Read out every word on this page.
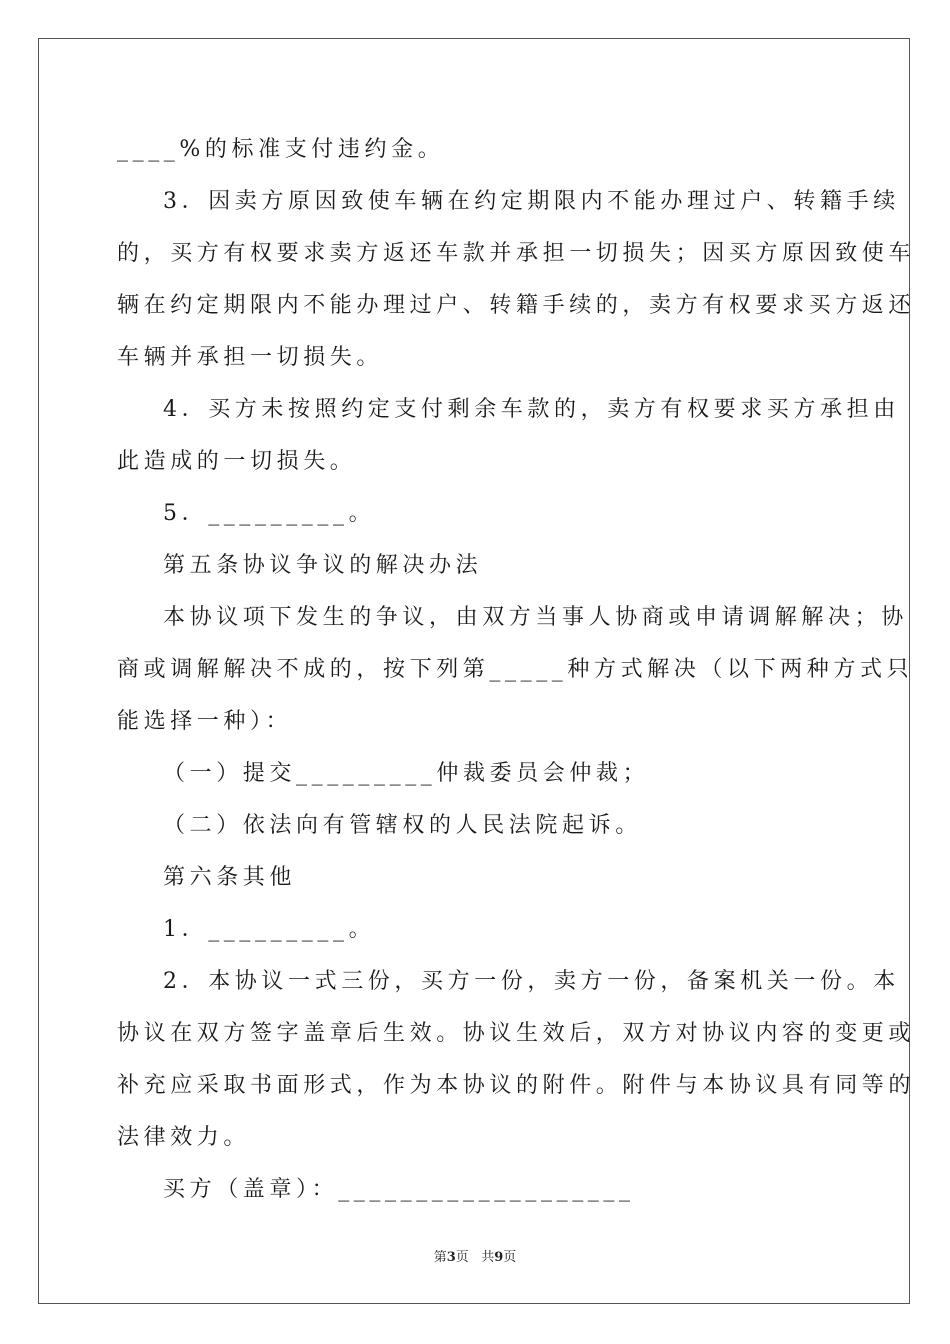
____%的标准支付违约金。
3．因卖方原因致使车辆在约定期限内不能办理过户、转籍手续
的，买方有权要求卖方返还车款并承担一切损失；因买方原因致使车
辆在约定期限内不能办理过户、转籍手续的，卖方有权要求买方返还
车辆并承担一切损失。
4．买方未按照约定支付剩余车款的，卖方有权要求买方承担由
此造成的一切损失。
5．_________。
第五条协议争议的解决办法
本协议项下发生的争议，由双方当事人协商或申请调解解决；协
商或调解解决不成的，按下列第_____种方式解决（以下两种方式只
能选择一种）：
（一）提交_________仲裁委员会仲裁；
（二）依法向有管辖权的人民法院起诉。
第六条其他
1．_________。
2．本协议一式三份，买方一份，卖方一份，备案机关一份。本
协议在双方签字盖章后生效。协议生效后，双方对协议内容的变更或
补充应采取书面形式，作为本协议的附件。附件与本协议具有同等的
法律效力。
买方（盖章）：___________________
第3页   共9页
